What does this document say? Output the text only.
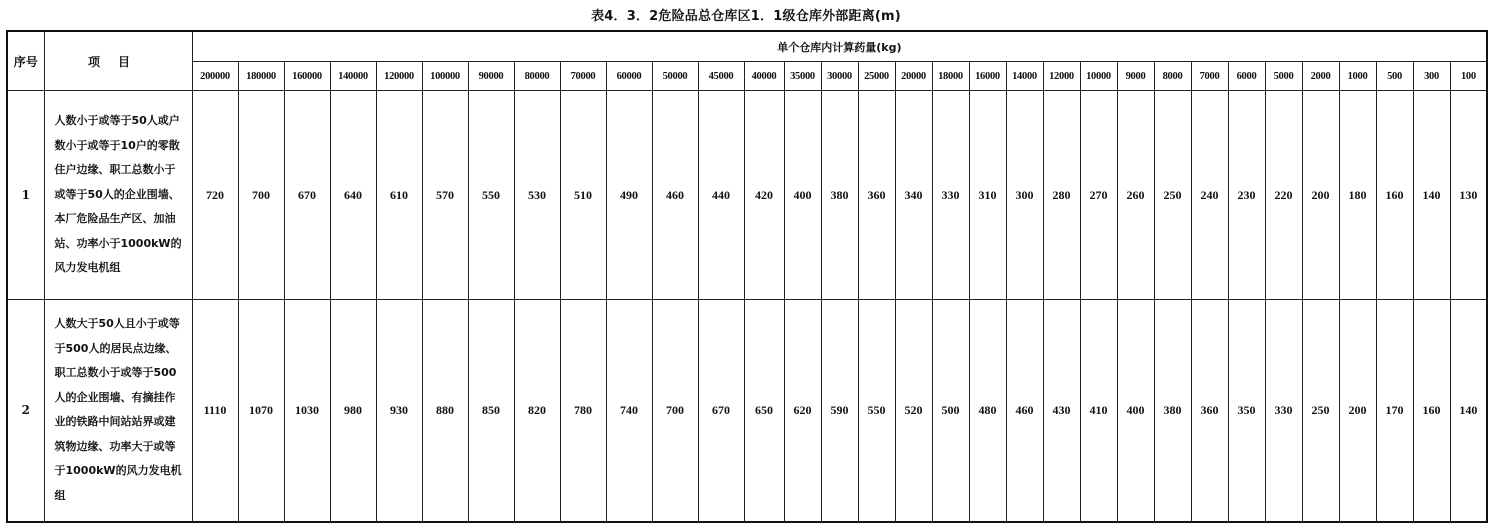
表4．3．2危险品总仓库区1．1级仓库外部距离(m)
序号	项目	单个仓库内计算药量(kg)																															
		200000	180000	160000	140000	120000	100000	90000	80000	70000	60000	50000	45000	40000	35000	30000	25000	20000	18000	16000	14000	12000	10000	9000	8000	7000	6000	5000	2000	1000	500	300	100
1	人数小于或等于50人或户数小于或等于10户的零散住户边缘、职工总数小于或等于50人的企业围墙、本厂危险品生产区、加油站、功率小于1000kW的风力发电机组	720	700	670	640	610	570	550	530	510	490	460	440	420	400	380	360	340	330	310	300	280	270	260	250	240	230	220	200	180	160	140	130
2	人数大于50人且小于或等于500人的居民点边缘、职工总数小于或等于500人的企业围墙、有摘挂作业的铁路中间站站界或建筑物边缘、功率大于或等于1000kW的风力发电机组	1110	1070	1030	980	930	880	850	820	780	740	700	670	650	620	590	550	520	500	480	460	430	410	400	380	360	350	330	250	200	170	160	140
